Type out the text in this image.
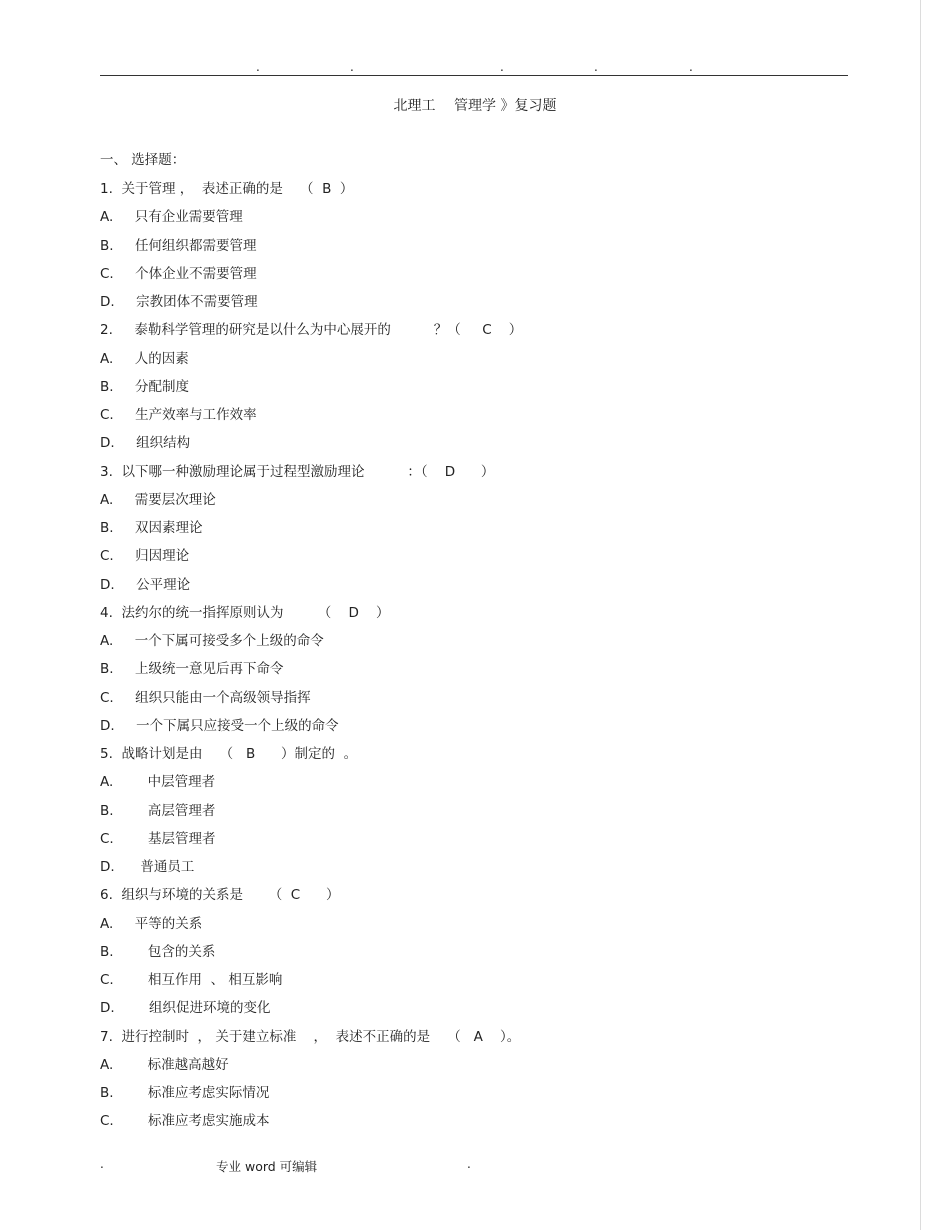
.	.	.	.	.
北理工　 管理学 》复习题
一、 选择题：
1.  关于管理 ，  表述正确的是    （  B  ）
A.     只有企业需要管理
B.     任何组织都需要管理
C.     个体企业不需要管理
D.     宗教团体不需要管理
2.     泰勒科学管理的研究是以什么为中心展开的          ？（     C    ）
A.     人的因素
B.     分配制度
C.     生产效率与工作效率
D.     组织结构
3.  以下哪一种激励理论属于过程型激励理论          ：（    D      ）
A.     需要层次理论
B.     双因素理论
C.     归因理论
D.     公平理论
4.  法约尔的统一指挥原则认为        （    D    ）
A.     一个下属可接受多个上级的命令
B.     上级统一意见后再下命令
C.     组织只能由一个高级领导指挥
D.     一个下属只应接受一个上级的命令
5.  战略计划是由    （   B      ）制定的  。
A.        中层管理者
B.        高层管理者
C.        基层管理者
D.      普通员工
6.  组织与环境的关系是      （  C      ）
A.     平等的关系
B.        包含的关系
C.        相互作用  、 相互影响
D.        组织促进环境的变化
7.  进行控制时  ， 关于建立标准    ，  表述不正确的是    （   A    ）。
A.        标准越高越好
B.        标准应考虑实际情况
C.        标准应考虑实施成本
.	专业 word 可编辑	.
